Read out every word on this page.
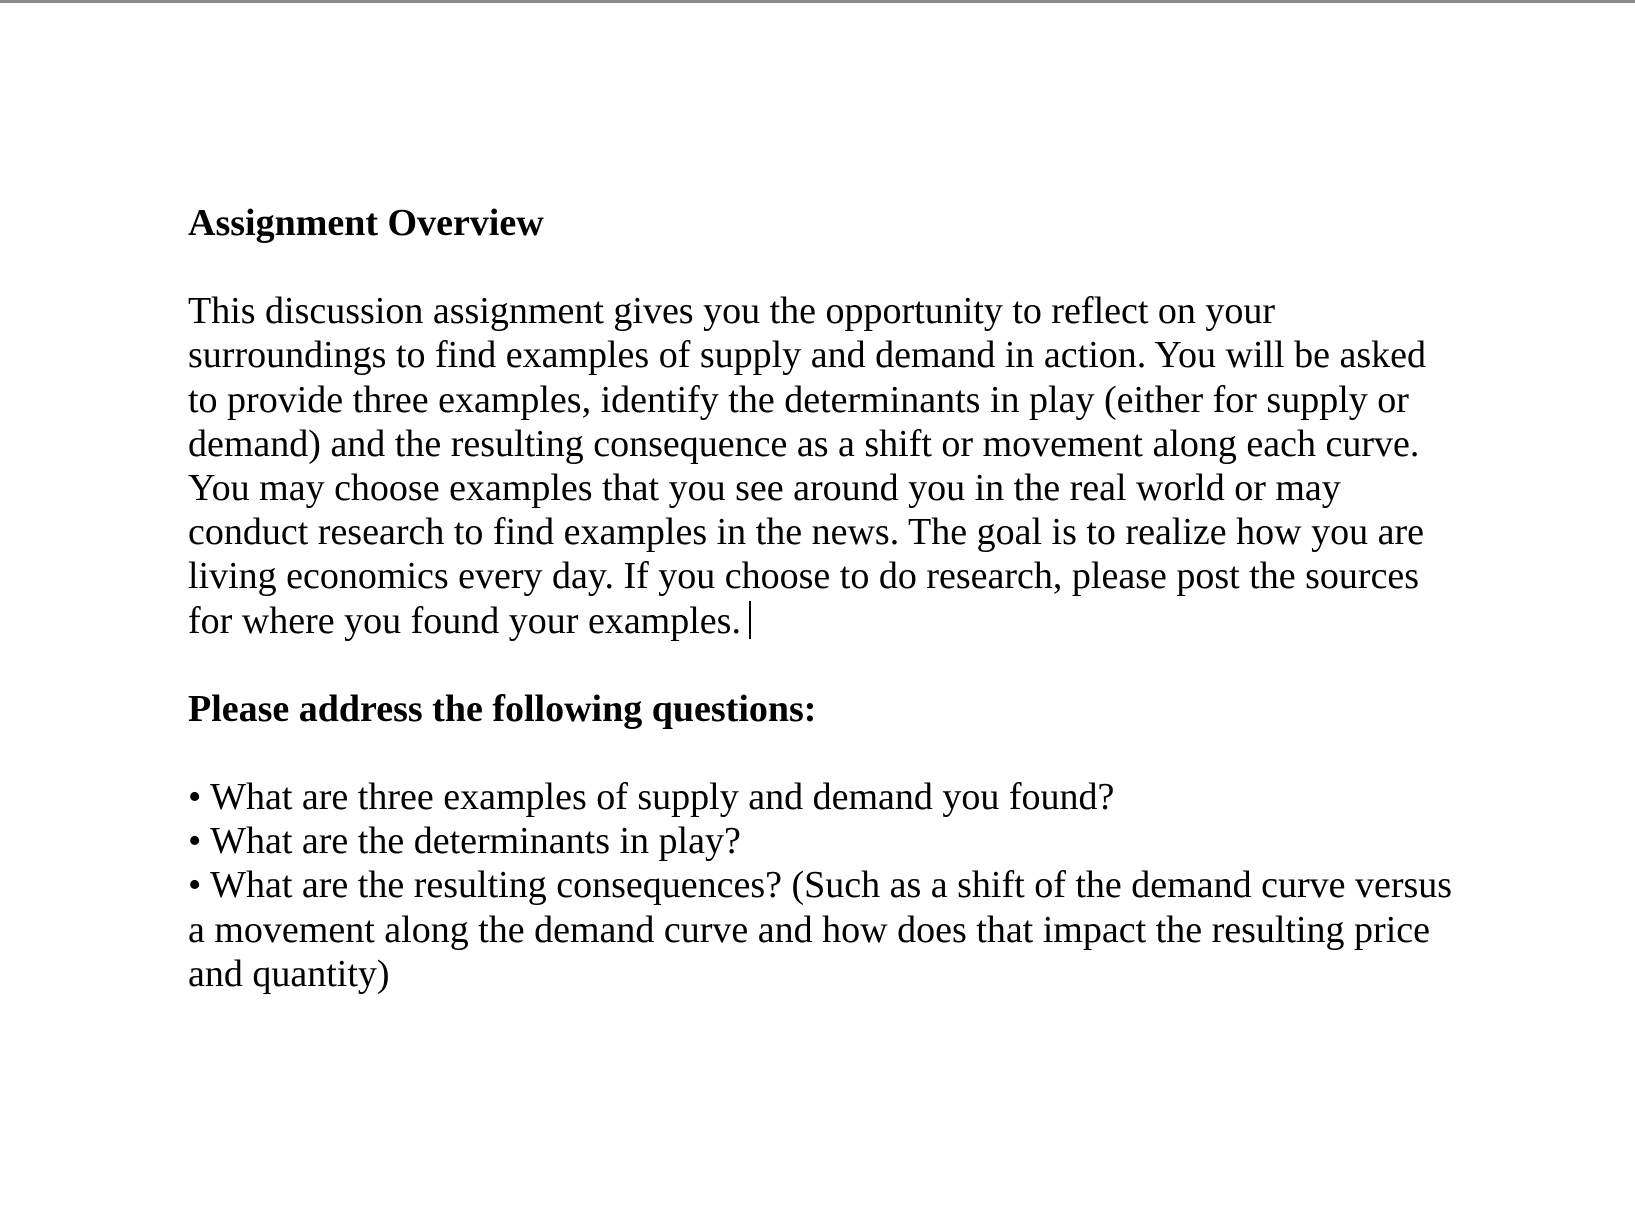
Assignment Overview

This discussion assignment gives you the opportunity to reflect on your
surroundings to find examples of supply and demand in action. You will be asked
to provide three examples, identify the determinants in play (either for supply or
demand) and the resulting consequence as a shift or movement along each curve.
You may choose examples that you see around you in the real world or may
conduct research to find examples in the news. The goal is to realize how you are
living economics every day. If you choose to do research, please post the sources
for where you found your examples.

Please address the following questions:

• What are three examples of supply and demand you found?
• What are the determinants in play?
• What are the resulting consequences? (Such as a shift of the demand curve versus
a movement along the demand curve and how does that impact the resulting price
and quantity)
